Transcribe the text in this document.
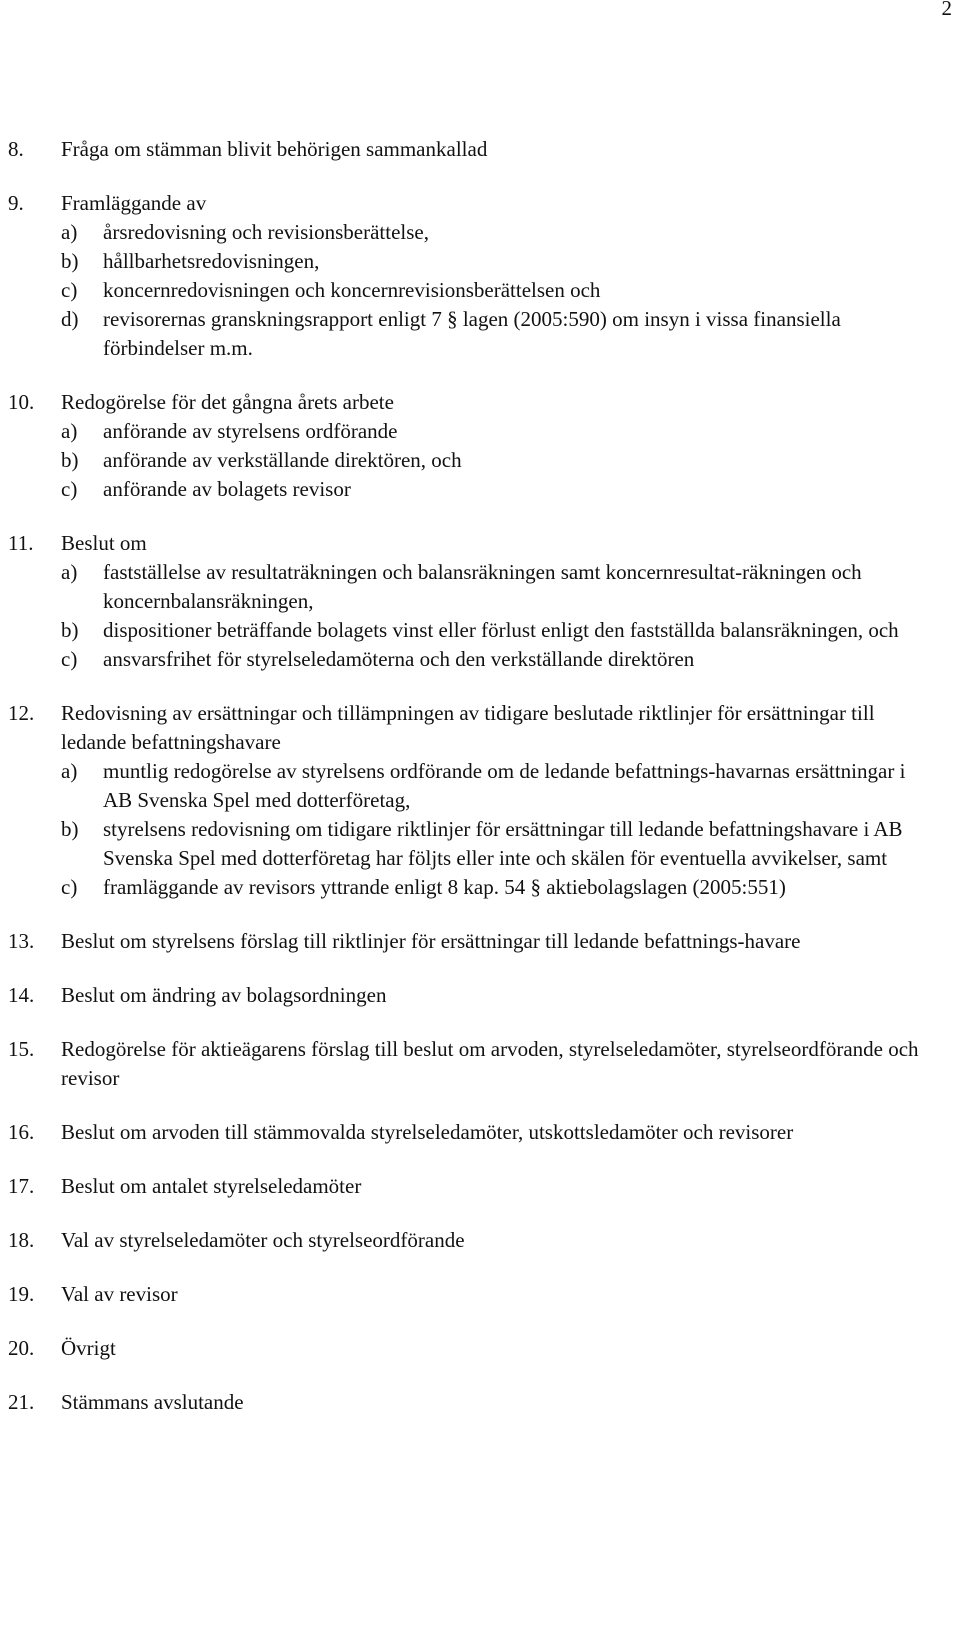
2
8. Fråga om stämman blivit behörigen sammankallad
9. Framläggande av
a) årsredovisning och revisionsberättelse,
b) hållbarhetsredovisningen,
c) koncernredovisningen och koncernrevisionsberättelsen och
d) revisorernas granskningsrapport enligt 7 § lagen (2005:590) om insyn i vissa finansiella förbindelser m.m.
10. Redogörelse för det gångna årets arbete
a) anförande av styrelsens ordförande
b) anförande av verkställande direktören, och
c) anförande av bolagets revisor
11. Beslut om
a) fastställelse av resultaträkningen och balansräkningen samt koncernresultat-räkningen och koncernbalansräkningen,
b) dispositioner beträffande bolagets vinst eller förlust enligt den fastställda balansräkningen, och
c) ansvarsfrihet för styrelseledamöterna och den verkställande direktören
12. Redovisning av ersättningar och tillämpningen av tidigare beslutade riktlinjer för ersättningar till ledande befattningshavare
a) muntlig redogörelse av styrelsens ordförande om de ledande befattnings-havarnas ersättningar i AB Svenska Spel med dotterföretag,
b) styrelsens redovisning om tidigare riktlinjer för ersättningar till ledande befattningshavare i AB Svenska Spel med dotterföretag har följts eller inte och skälen för eventuella avvikelser, samt
c) framläggande av revisors yttrande enligt 8 kap. 54 § aktiebolagslagen (2005:551)
13. Beslut om styrelsens förslag till riktlinjer för ersättningar till ledande befattnings-havare
14. Beslut om ändring av bolagsordningen
15. Redogörelse för aktieägarens förslag till beslut om arvoden, styrelseledamöter, styrelseordförande och revisor
16. Beslut om arvoden till stämmovalda styrelseledamöter, utskottsledamöter och revisorer
17. Beslut om antalet styrelseledamöter
18. Val av styrelseledamöter och styrelseordförande
19. Val av revisor
20. Övrigt
21. Stämmans avslutande
